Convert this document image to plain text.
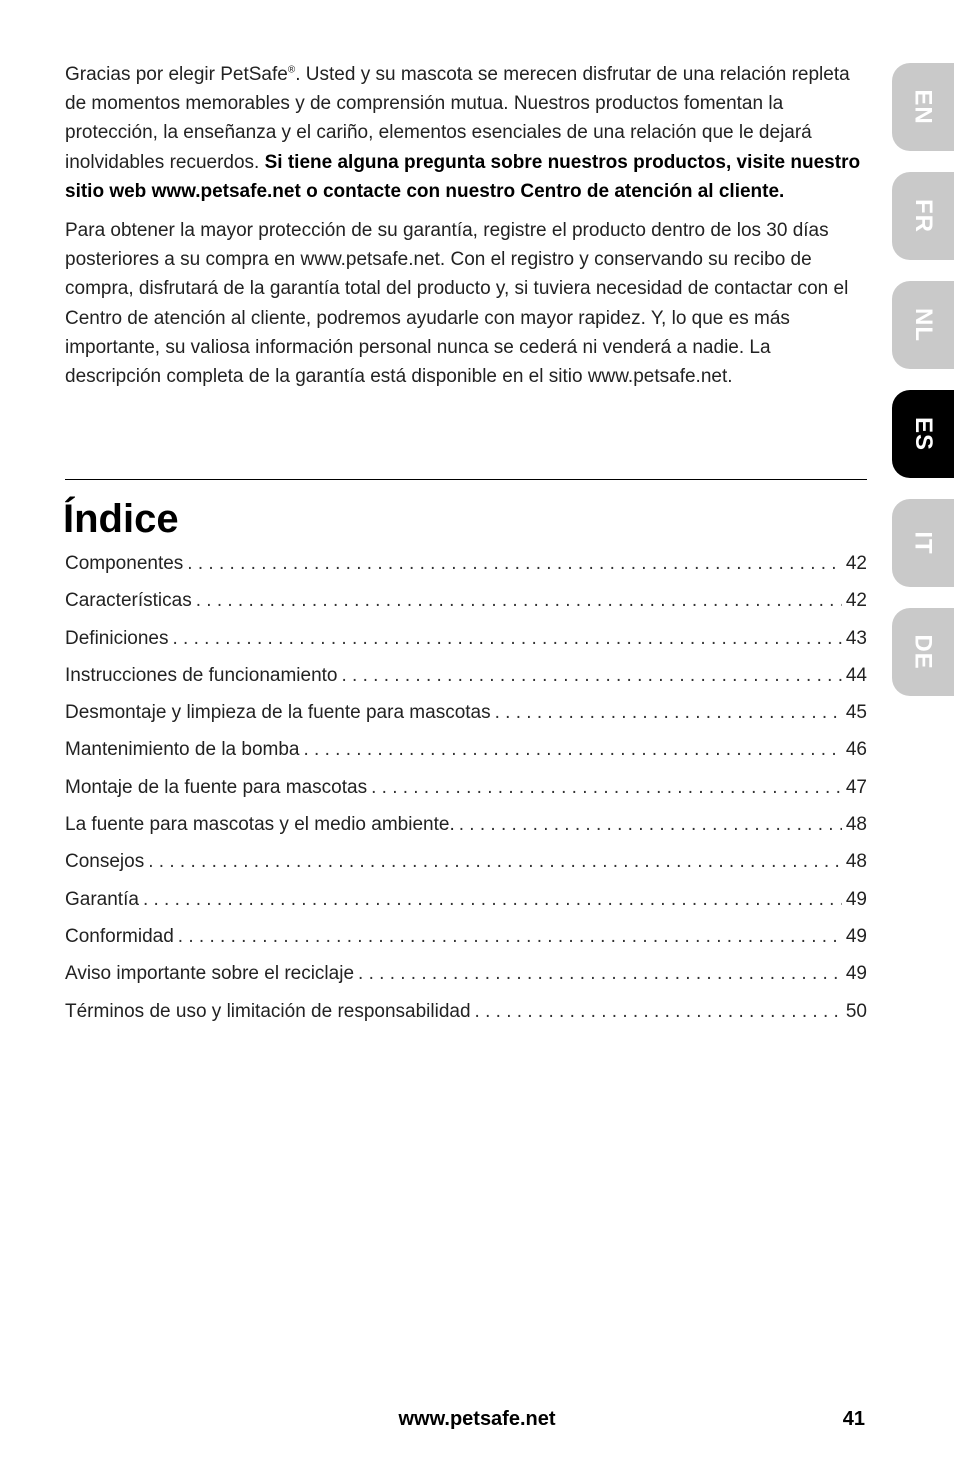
Gracias por elegir PetSafe®. Usted y su mascota se merecen disfrutar de una relación repleta de momentos memorables y de comprensión mutua. Nuestros productos fomentan la protección, la enseñanza y el cariño, elementos esenciales de una relación que le dejará inolvidables recuerdos. Si tiene alguna pregunta sobre nuestros productos, visite nuestro sitio web www.petsafe.net o contacte con nuestro Centro de atención al cliente.

Para obtener la mayor protección de su garantía, registre el producto dentro de los 30 días posteriores a su compra en www.petsafe.net. Con el registro y conservando su recibo de compra, disfrutará de la garantía total del producto y, si tuviera necesidad de contactar con el Centro de atención al cliente, podremos ayudarle con mayor rapidez. Y, lo que es más importante, su valiosa información personal nunca se cederá ni venderá a nadie. La descripción completa de la garantía está disponible en el sitio www.petsafe.net.

Índice
Componentes . . .	42
Características . . .	42
Definiciones . . .	43
Instrucciones de funcionamiento . . .	44
Desmontaje y limpieza de la fuente para mascotas . . .	45
Mantenimiento de la bomba . . .	46
Montaje de la fuente para mascotas . . .	47
La fuente para mascotas y el medio ambiente. . . .	48
Consejos . . .	48
Garantía . . .	49
Conformidad . . .	49
Aviso importante sobre el reciclaje . . .	49
Términos de uso y limitación de responsabilidad . . .	50
EN
FR
NL
ES
IT
DE
www.petsafe.net	41
